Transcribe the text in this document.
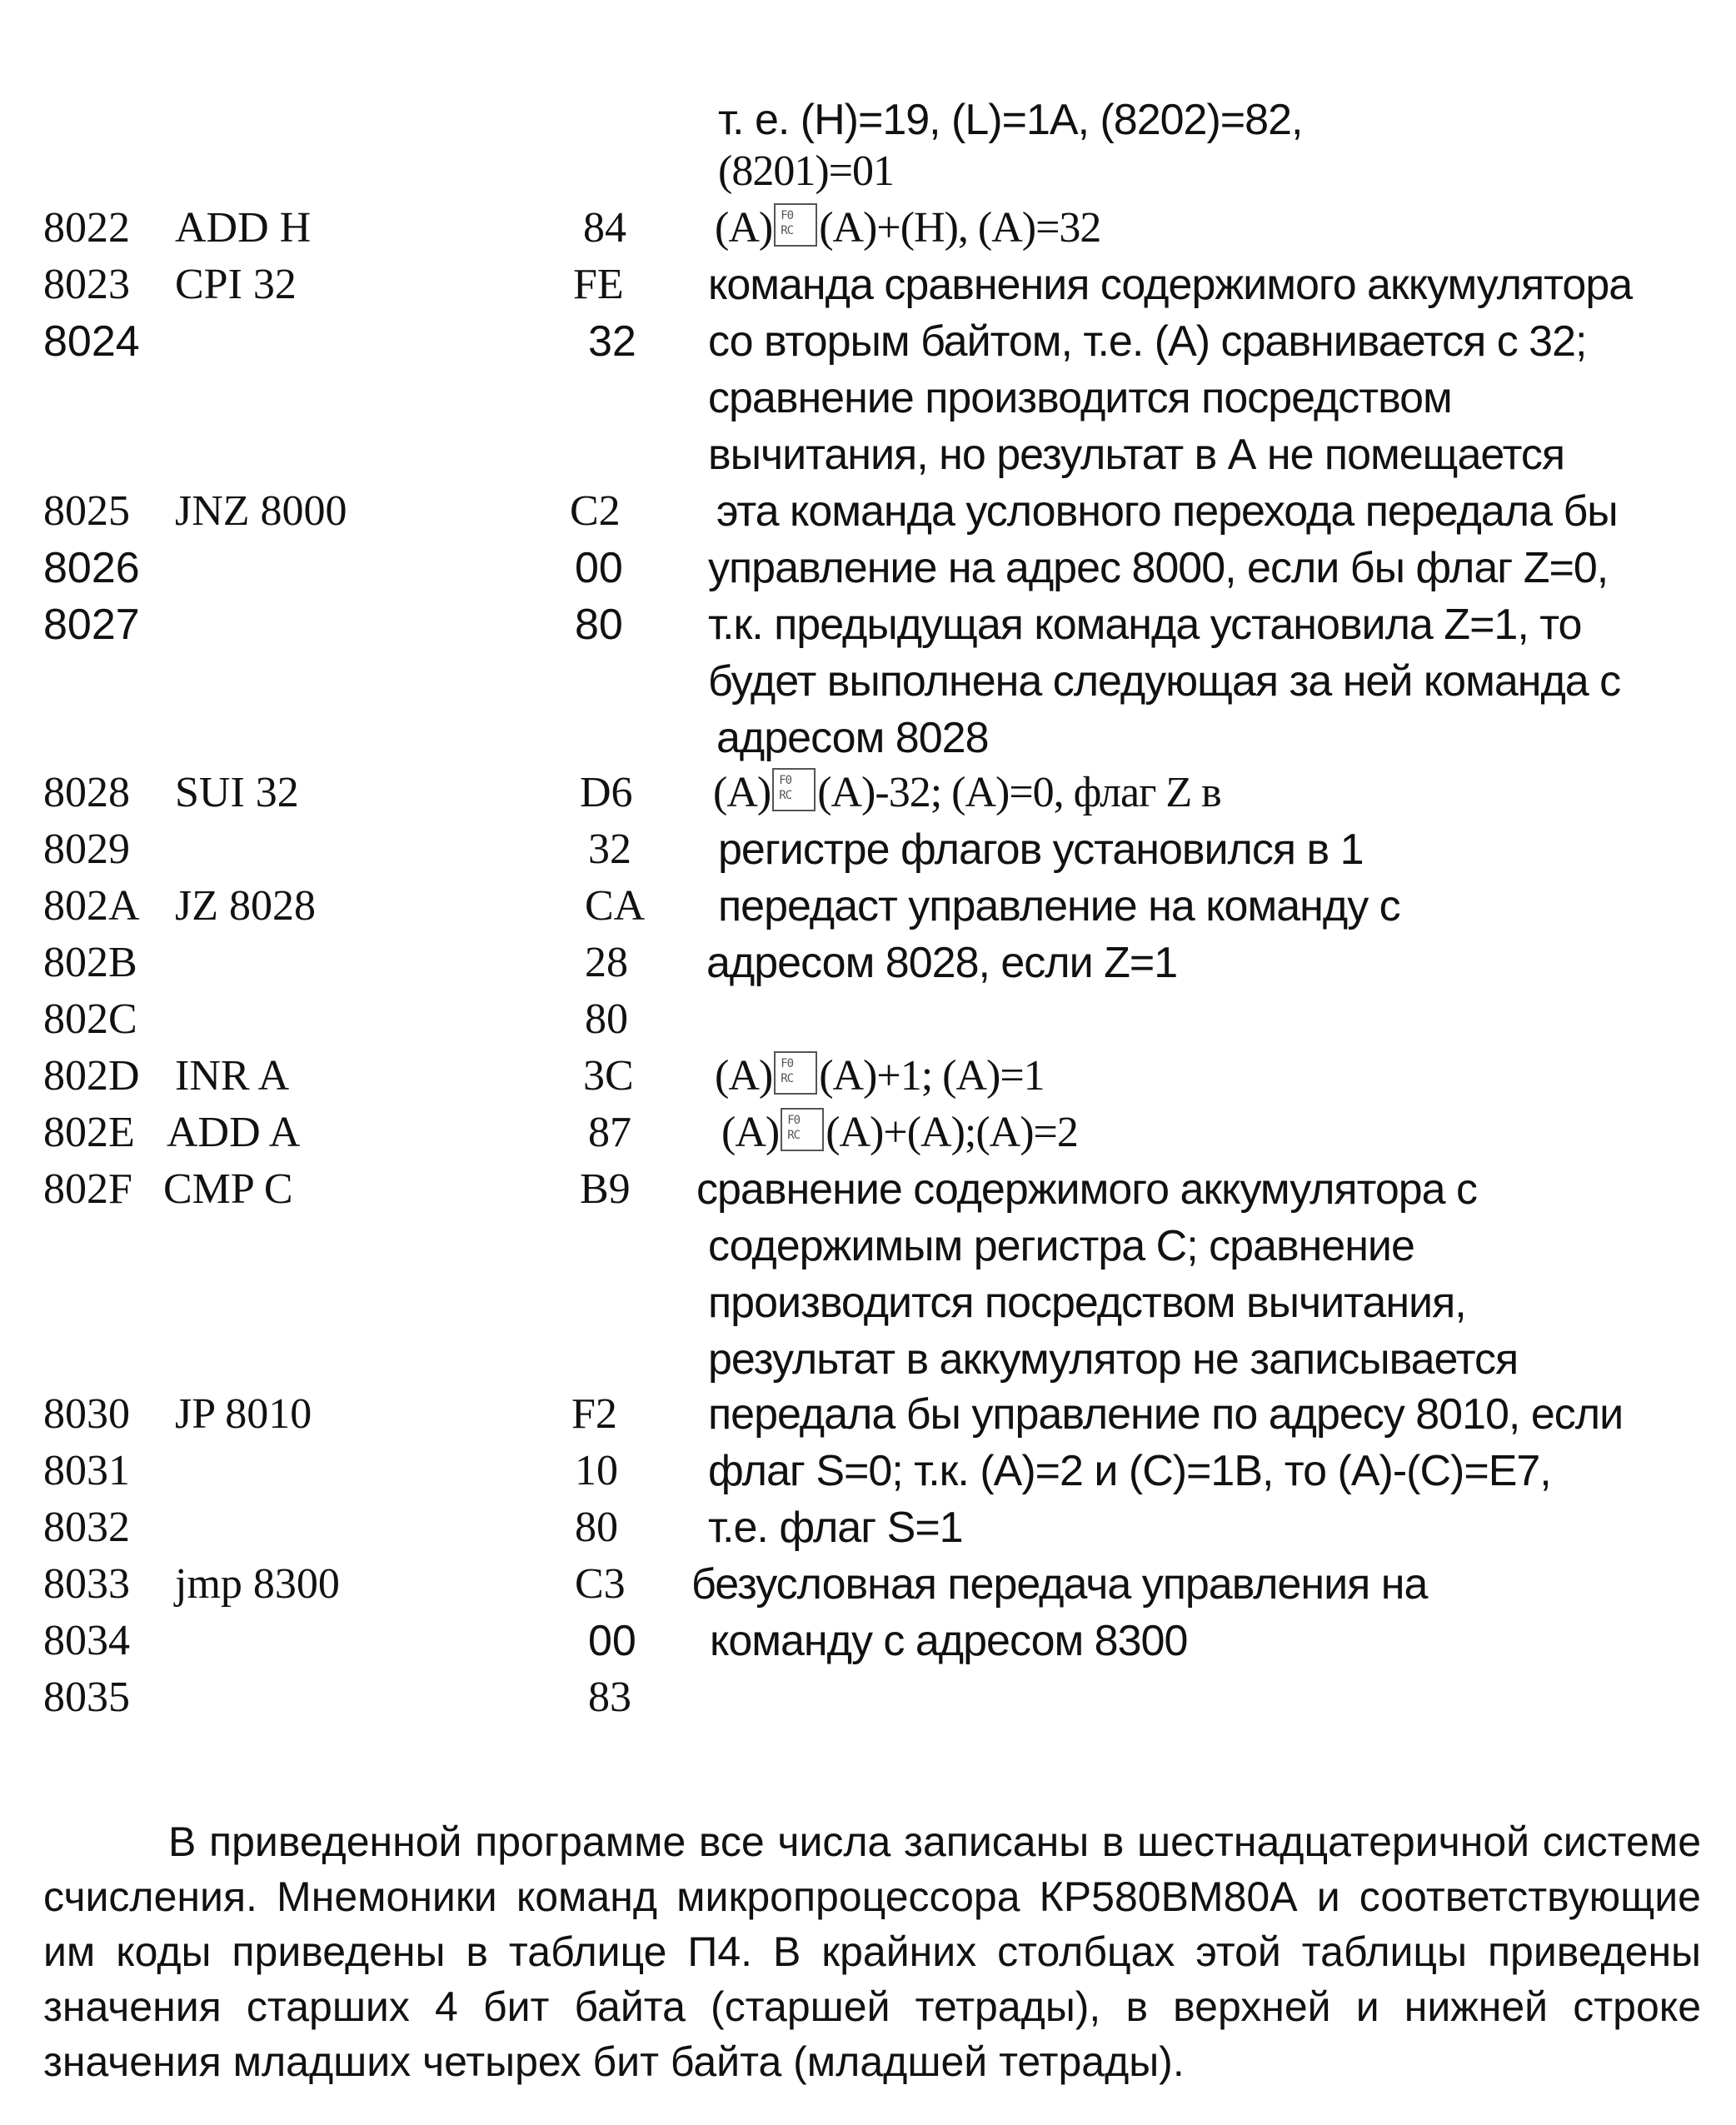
т. е. (H)=19, (L)=1A, (8202)=82,
(8201)=01
8022 ADD H	84 (A) F0 RC (A)+(H), (A)=32
8023 CPI 32	FE команда сравнения содержимого аккумулятора
8024	32 со вторым байтом, т.е. (A) сравнивается с 32;
сравнение производится посредством
вычитания, но результат в А не помещается
8025 JNZ 8000	C2 эта команда условного перехода передала бы
8026	00 управление на адрес 8000, если бы флаг Z=0,
8027	80 т.к. предыдущая команда установила Z=1, то
будет выполнена следующая за ней команда с
адресом 8028
8028 SUI 32	D6 (A) F0 RC (A)-32; (A)=0, флаг Z в
8029	32 регистре флагов установился в 1
802A JZ 8028	CA передаст управление на команду с
802B	28 адресом 8028, если Z=1
802C	80
802D INR A	3C (A) F0 RC (A)+1; (A)=1
802E ADD A	87 (A) F0 RC (A)+(A);(A)=2
802F CMP C	B9 сравнение содержимого аккумулятора с
содержимым регистра С; сравнение
производится посредством вычитания,
результат в аккумулятор не записывается
8030 JP 8010	F2 передала бы управление по адресу 8010, если
8031	10 флаг S=0; т.к. (A)=2 и (C)=1B, то (A)-(C)=E7,
8032	80 т.е. флаг S=1
8033 jmp 8300	C3 безусловная передача управления на
8034	00 команду с адресом 8300
8035	83

В приведенной программе все числа записаны в шестнадцатеричной системе счисления. Мнемоники команд микропроцессора КР580ВМ80А и соответствующие им коды приведены в таблице П4. В крайних столбцах этой таблицы приведены значения старших 4 бит байта (старшей тетрады), в верхней и нижней строке значения младших четырех бит байта (младшей тетрады).
